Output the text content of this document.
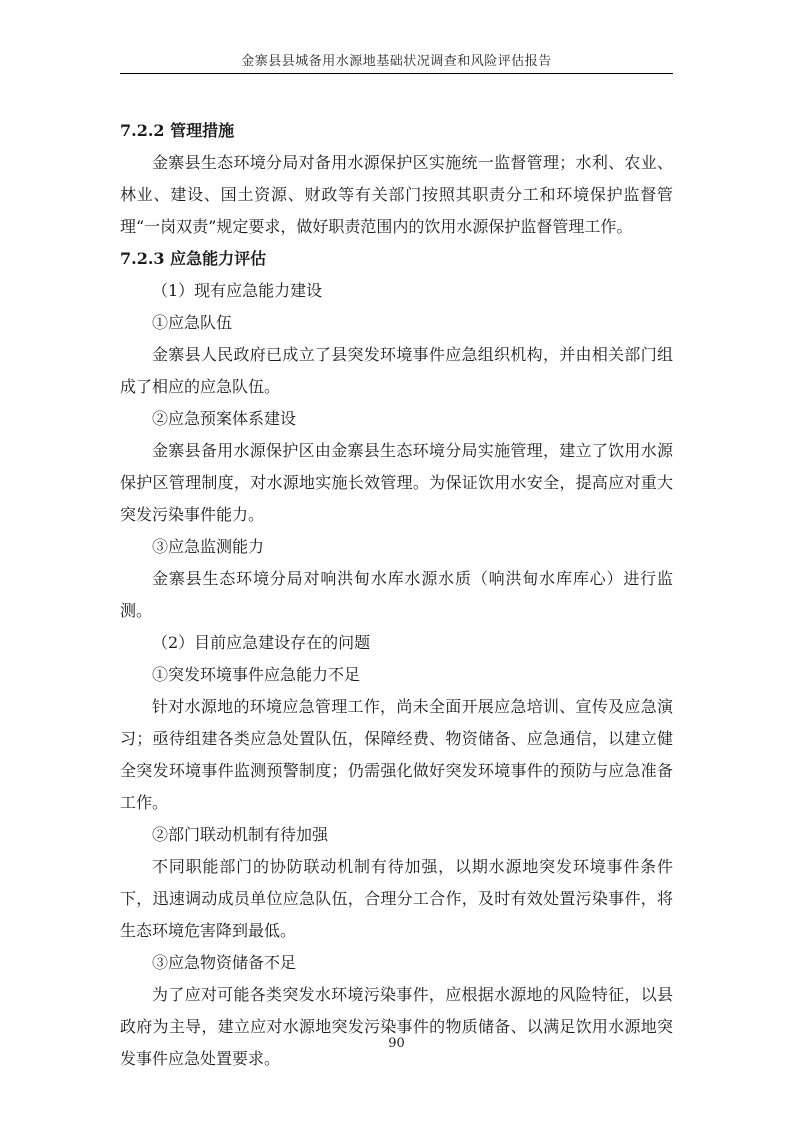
金寨县县城备用水源地基础状况调查和风险评估报告

7.2.2 管理措施

金寨县生态环境分局对备用水源保护区实施统一监督管理；水利、农业、林业、建设、国土资源、财政等有关部门按照其职责分工和环境保护监督管理“一岗双责”规定要求，做好职责范围内的饮用水源保护监督管理工作。

7.2.3 应急能力评估

（1）现有应急能力建设

①应急队伍

金寨县人民政府已成立了县突发环境事件应急组织机构，并由相关部门组成了相应的应急队伍。

②应急预案体系建设

金寨县备用水源保护区由金寨县生态环境分局实施管理，建立了饮用水源保护区管理制度，对水源地实施长效管理。为保证饮用水安全，提高应对重大突发污染事件能力。

③应急监测能力

金寨县生态环境分局对响洪甸水库水源水质（响洪甸水库库心）进行监测。

（2）目前应急建设存在的问题

①突发环境事件应急能力不足

针对水源地的环境应急管理工作，尚未全面开展应急培训、宣传及应急演习；亟待组建各类应急处置队伍，保障经费、物资储备、应急通信，以建立健全突发环境事件监测预警制度；仍需强化做好突发环境事件的预防与应急准备工作。

②部门联动机制有待加强

不同职能部门的协防联动机制有待加强，以期水源地突发环境事件条件下，迅速调动成员单位应急队伍，合理分工合作，及时有效处置污染事件，将生态环境危害降到最低。

③应急物资储备不足

为了应对可能各类突发水环境污染事件，应根据水源地的风险特征，以县政府为主导，建立应对水源地突发污染事件的物质储备、以满足饮用水源地突发事件应急处置要求。

90
